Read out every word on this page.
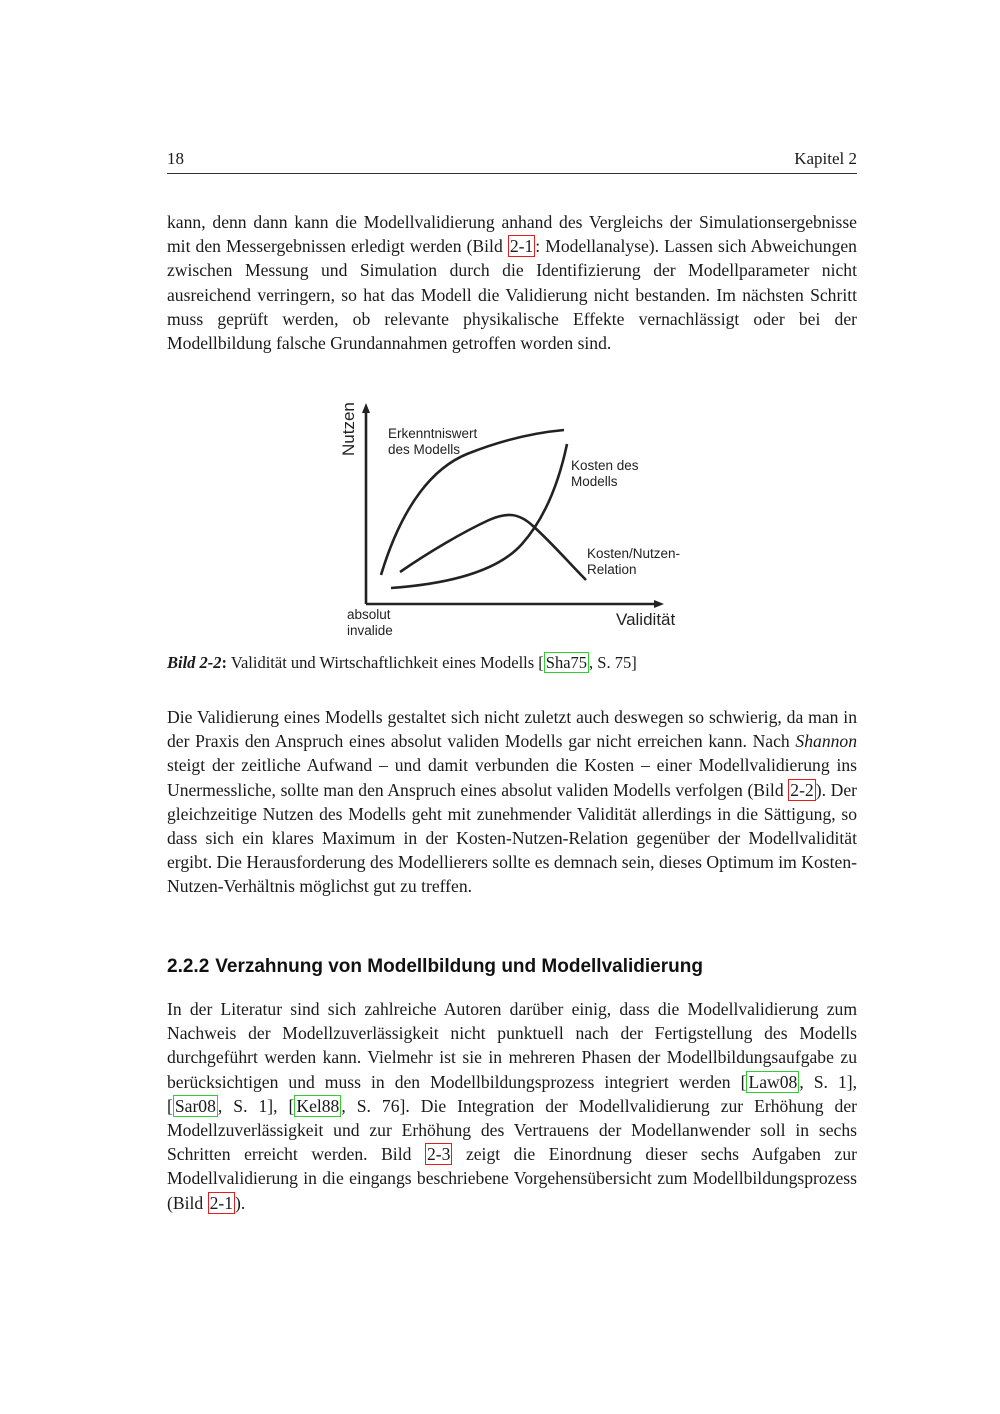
18	Kapitel 2

kann, denn dann kann die Modellvalidierung anhand des Vergleichs der Simulationsergebnisse mit den Messergebnissen erledigt werden (Bild 2-1 : Modellanalyse). Lassen sich Abweichungen zwischen Messung und Simulation durch die Identifizierung der Modellparameter nicht ausreichend verringern, so hat das Modell die Validierung nicht bestanden. Im nächsten Schritt muss geprüft werden, ob relevante physikalische Effekte vernachlässigt oder bei der Modellbildung falsche Grundannahmen getroffen worden sind.

Bild 2-2: Validität und Wirtschaftlichkeit eines Modells [ Sha75 , S. 75]

Die Validierung eines Modells gestaltet sich nicht zuletzt auch deswegen so schwierig, da man in der Praxis den Anspruch eines absolut validen Modells gar nicht erreichen kann. Nach Shannon steigt der zeitliche Aufwand – und damit verbunden die Kosten – einer Modellvalidierung ins Unermessliche, sollte man den Anspruch eines absolut validen Modells verfolgen (Bild 2-2 ). Der gleichzeitige Nutzen des Modells geht mit zunehmender Validität allerdings in die Sättigung, so dass sich ein klares Maximum in der Kosten-Nutzen-Relation gegenüber der Modellvalidität ergibt. Die Herausforderung des Modellierers sollte es demnach sein, dieses Optimum im Kosten-Nutzen-Verhältnis möglichst gut zu treffen.

2.2.2 Verzahnung von Modellbildung und Modellvalidierung

In der Literatur sind sich zahlreiche Autoren darüber einig, dass die Modellvalidierung zum Nachweis der Modellzuverlässigkeit nicht punktuell nach der Fertigstellung des Modells durchgeführt werden kann. Vielmehr ist sie in mehreren Phasen der Modellbildungsaufgabe zu berücksichtigen und muss in den Modellbildungsprozess integriert werden [ Law08 , S. 1], [ Sar08 , S. 1], [ Kel88 , S. 76]. Die Integration der Modellvalidierung zur Erhöhung der Modellzuverlässigkeit und zur Erhöhung des Vertrauens der Modellanwender soll in sechs Schritten erreicht werden. Bild 2-3 zeigt die Einordnung dieser sechs Aufgaben zur Modellvalidierung in die eingangs beschriebene Vorgehensübersicht zum Modellbildungsprozess (Bild 2-1 ).

Nutzen
Validität
absolut
invalide
Erkenntniswert
des Modells
Kosten des
Modells
Kosten/Nutzen-
Relation
